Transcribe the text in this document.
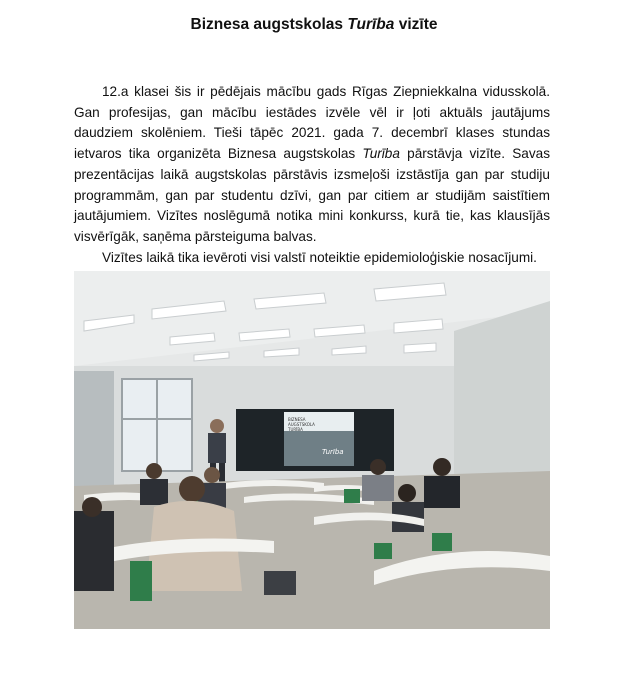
Biznesa augstskolas Turība vizīte

12.a klasei šis ir pēdējais mācību gads Rīgas Ziepniekkalna vidusskolā. Gan profesijas, gan mācību iestādes izvēle vēl ir ļoti aktuāls jautājums daudziem skolēniem. Tieši tāpēc 2021. gada 7. decembrī klases stundas ietvaros tika organizēta Biznesa augstskolas Turība pārstāvja vizīte. Savas prezentācijas laikā augstskolas pārstāvis izsmeļoši izstāstīja gan par studiju programmām, gan par studentu dzīvi, gan par citiem ar studijām saistītiem jautājumiem. Vizītes noslēgumā notika mini konkurss, kurā tie, kas klausījās visvērīgāk, saņēma pārsteiguma balvas.

Vizītes laikā tika ievēroti visi valstī noteiktie epidemioloģiskie nosacījumi.

BIZNESA
AUGSTSKOLA
TURĪBA
Turība
